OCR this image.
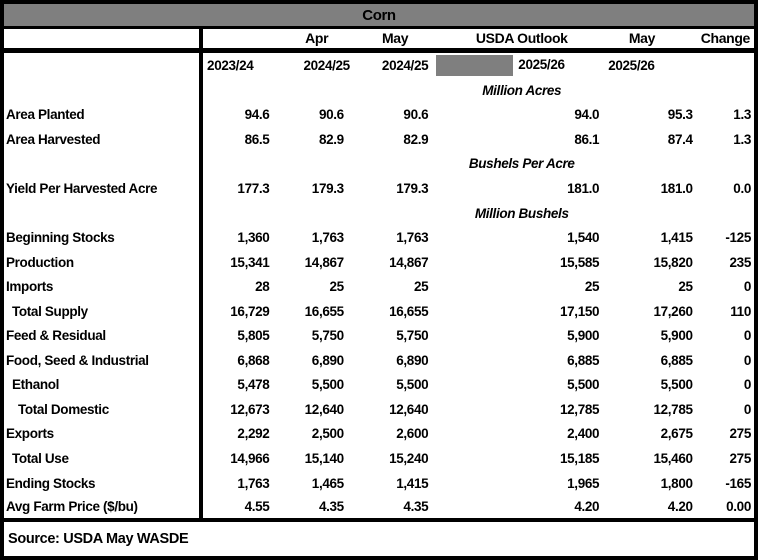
Corn
		Apr	May	USDA Outlook	May	Change
	2023/24	2024/25	2024/25	2025/26	2025/26	
				Million Acres		
Area Planted	94.6	90.6	90.6	94.0	95.3	1.3
Area Harvested	86.5	82.9	82.9	86.1	87.4	1.3
				Bushels Per Acre		
Yield Per Harvested Acre	177.3	179.3	179.3	181.0	181.0	0.0
				Million Bushels		
Beginning Stocks	1,360	1,763	1,763	1,540	1,415	-125
Production	15,341	14,867	14,867	15,585	15,820	235
Imports	28	25	25	25	25	0
Total Supply	16,729	16,655	16,655	17,150	17,260	110
Feed & Residual	5,805	5,750	5,750	5,900	5,900	0
Food, Seed & Industrial	6,868	6,890	6,890	6,885	6,885	0
Ethanol	5,478	5,500	5,500	5,500	5,500	0
Total Domestic	12,673	12,640	12,640	12,785	12,785	0
Exports	2,292	2,500	2,600	2,400	2,675	275
Total Use	14,966	15,140	15,240	15,185	15,460	275
Ending Stocks	1,763	1,465	1,415	1,965	1,800	-165
Avg Farm Price ($/bu)	4.55	4.35	4.35	4.20	4.20	0.00
Source: USDA May WASDE
